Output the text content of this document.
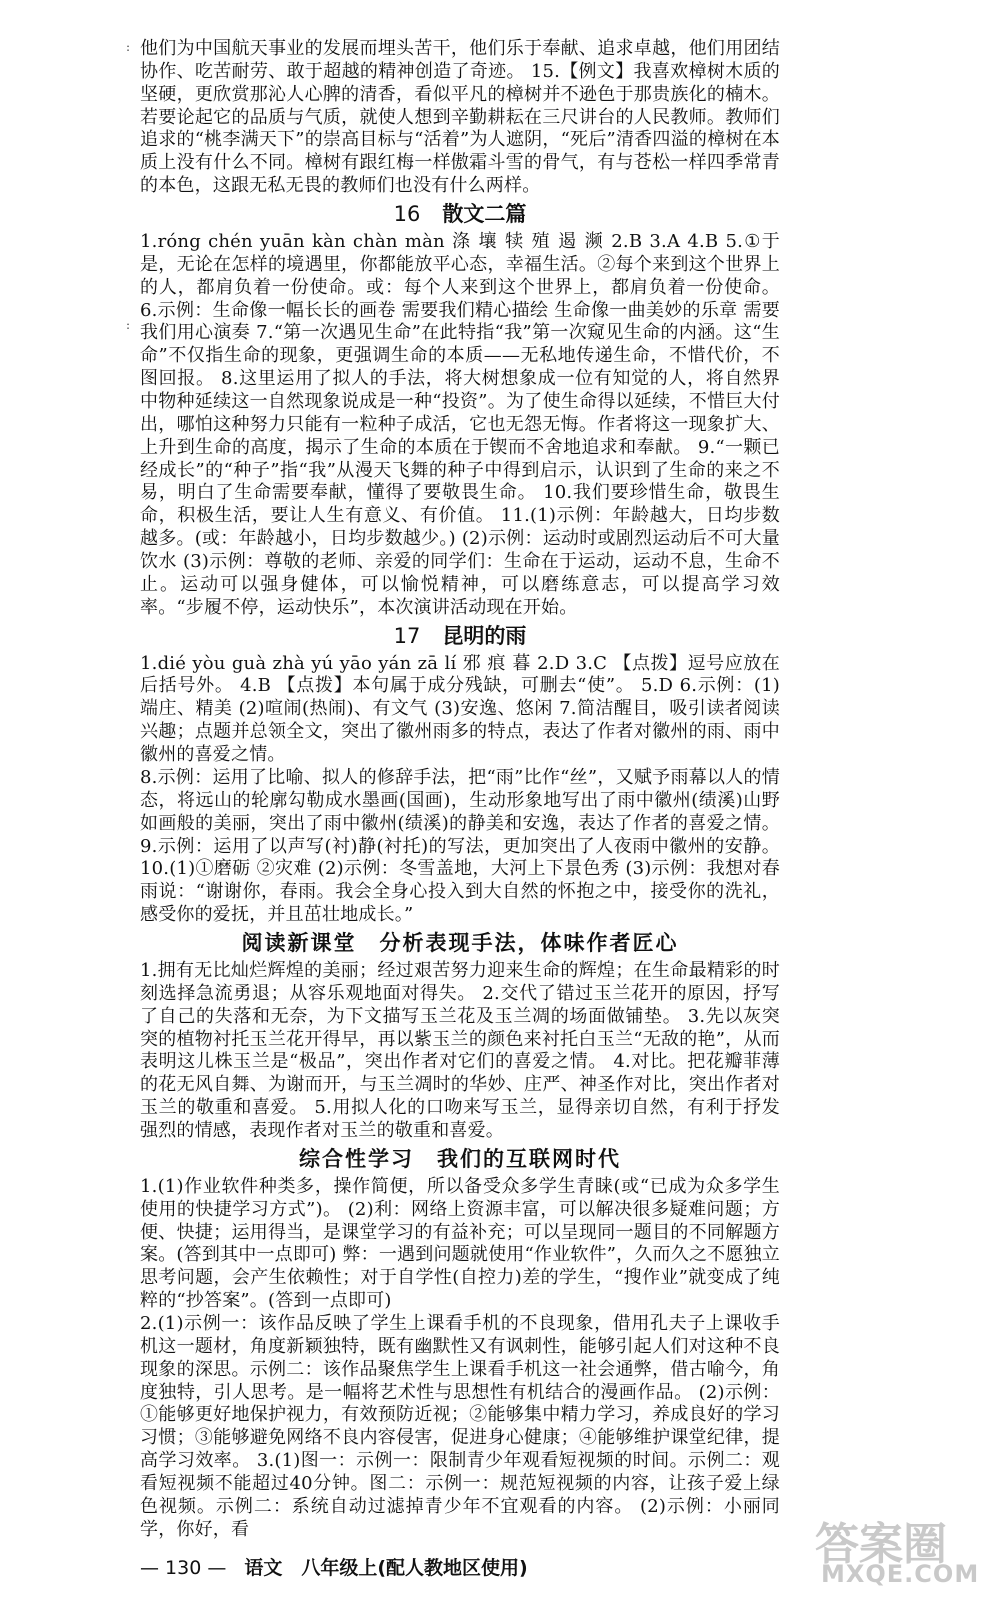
:
:

他们为中国航天事业的发展而埋头苦干，他们乐于奉献、追求卓越，他们用团结协作、吃苦耐劳、敢于超越的精神创造了奇迹。 15.【例文】我喜欢樟树木质的坚硬，更欣赏那沁人心脾的清香，看似平凡的樟树并不逊色于那贵族化的楠木。若要论起它的品质与气质，就使人想到辛勤耕耘在三尺讲台的人民教师。教师们追求的“桃李满天下”的崇高目标与“活着”为人遮阴，“死后”清香四溢的樟树在本质上没有什么不同。樟树有跟红梅一样傲霜斗雪的骨气，有与苍松一样四季常青的本色，这跟无私无畏的教师们也没有什么两样。

16 散文二篇

1.róng chén yuān kàn chàn màn 涤 壤 犊 殖 遏 濒 2.B 3.A 4.B 5.①于是，无论在怎样的境遇里，你都能放平心态，幸福生活。②每个来到这个世界上的人，都肩负着一份使命。或：每个人来到这个世界上，都肩负着一份使命。 6.示例：生命像一幅长长的画卷 需要我们精心描绘 生命像一曲美妙的乐章 需要我们用心演奏 7.“第一次遇见生命”在此特指“我”第一次窥见生命的内涵。这“生命”不仅指生命的现象，更强调生命的本质——无私地传递生命，不惜代价，不图回报。 8.这里运用了拟人的手法，将大树想象成一位有知觉的人，将自然界中物种延续这一自然现象说成是一种“投资”。为了使生命得以延续，不惜巨大付出，哪怕这种努力只能有一粒种子成活，它也无怨无悔。作者将这一现象扩大、上升到生命的高度，揭示了生命的本质在于锲而不舍地追求和奉献。 9.“一颗已经成长”的“种子”指“我”从漫天飞舞的种子中得到启示，认识到了生命的来之不易，明白了生命需要奉献，懂得了要敬畏生命。 10.我们要珍惜生命，敬畏生命，积极生活，要让人生有意义、有价值。 11.(1)示例：年龄越大，日均步数越多。(或：年龄越小，日均步数越少。) (2)示例：运动时或剧烈运动后不可大量饮水 (3)示例：尊敬的老师、亲爱的同学们：生命在于运动，运动不息，生命不止。运动可以强身健体，可以愉悦精神，可以磨练意志，可以提高学习效率。“步履不停，运动快乐”，本次演讲活动现在开始。

17 昆明的雨

1.dié yòu guà zhà yú yāo yán zā lí 邪 痕 暮 2.D 3.C 【点拨】逗号应放在后括号外。 4.B 【点拨】本句属于成分残缺，可删去“使”。 5.D 6.示例：(1)端庄、精美 (2)喧闹(热闹)、有文气 (3)安逸、悠闲 7.简洁醒目，吸引读者阅读兴趣；点题并总领全文，突出了徽州雨多的特点，表达了作者对徽州的雨、雨中徽州的喜爱之情。

8.示例：运用了比喻、拟人的修辞手法，把“雨”比作“丝”，又赋予雨幕以人的情态，将远山的轮廓勾勒成水墨画(国画)，生动形象地写出了雨中徽州(绩溪)山野如画般的美丽，突出了雨中徽州(绩溪)的静美和安逸，表达了作者的喜爱之情。 9.示例：运用了以声写(衬)静(衬托)的写法，更加突出了人夜雨中徽州的安静。 10.(1)①磨砺 ②灾难 (2)示例：冬雪盖地，大河上下景色秀 (3)示例：我想对春雨说：“谢谢你，春雨。我会全身心投入到大自然的怀抱之中，接受你的洗礼，感受你的爱抚，并且茁壮地成长。”

阅读新课堂　分析表现手法，体味作者匠心

1.拥有无比灿烂辉煌的美丽；经过艰苦努力迎来生命的辉煌；在生命最精彩的时刻选择急流勇退；从容乐观地面对得失。 2.交代了错过玉兰花开的原因，抒写了自己的失落和无奈，为下文描写玉兰花及玉兰凋的场面做铺垫。 3.先以灰突突的植物衬托玉兰花开得早，再以紫玉兰的颜色来衬托白玉兰“无敌的艳”，从而表明这儿株玉兰是“极品”，突出作者对它们的喜爱之情。 4.对比。把花瓣菲薄的花无风自舞、为谢而开，与玉兰凋时的华妙、庄严、神圣作对比，突出作者对玉兰的敬重和喜爱。 5.用拟人化的口吻来写玉兰，显得亲切自然，有利于抒发强烈的情感，表现作者对玉兰的敬重和喜爱。

综合性学习　我们的互联网时代

1.(1)作业软件种类多，操作简便，所以备受众多学生青睐(或“已成为众多学生使用的快捷学习方式”)。 (2)利：网络上资源丰富，可以解决很多疑难问题；方便、快捷；运用得当，是课堂学习的有益补充；可以呈现同一题目的不同解题方案。(答到其中一点即可) 弊：一遇到问题就使用“作业软件”，久而久之不愿独立思考问题，会产生依赖性；对于自学性(自控力)差的学生，“搜作业”就变成了纯粹的“抄答案”。(答到一点即可)

2.(1)示例一：该作品反映了学生上课看手机的不良现象，借用孔夫子上课收手机这一题材，角度新颖独特，既有幽默性又有讽刺性，能够引起人们对这种不良现象的深思。示例二：该作品聚焦学生上课看手机这一社会通弊，借古喻今，角度独特，引人思考。是一幅将艺术性与思想性有机结合的漫画作品。 (2)示例：①能够更好地保护视力，有效预防近视；②能够集中精力学习，养成良好的学习习惯；③能够避免网络不良内容侵害，促进身心健康；④能够维护课堂纪律，提高学习效率。 3.(1)图一：示例一：限制青少年观看短视频的时间。示例二：观看短视频不能超过40分钟。图二：示例一：规范短视频的内容，让孩子爱上绿色视频。示例二：系统自动过滤掉青少年不宜观看的内容。 (2)示例：小丽同学，你好，看

— 130 — 语文　八年级上(配人教地区使用)	答案圈
MXQE.COM
